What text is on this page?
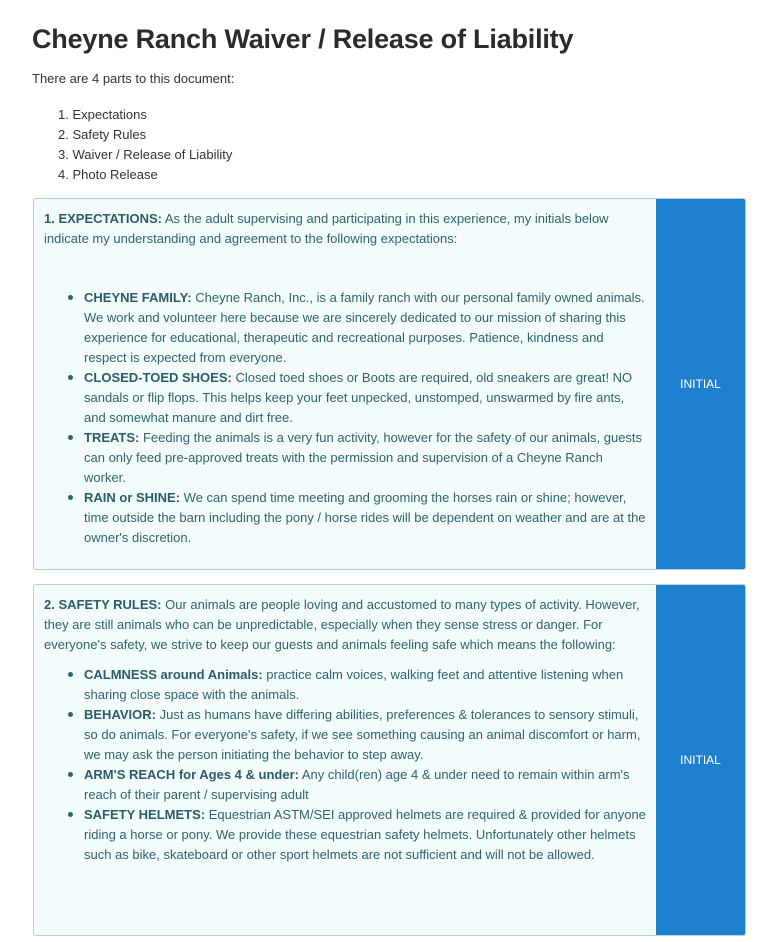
Cheyne Ranch Waiver / Release of Liability

There are 4 parts to this document:

1. Expectations
2. Safety Rules
3. Waiver / Release of Liability
4. Photo Release

1. EXPECTATIONS: As the adult supervising and participating in this experience, my initials below indicate my understanding and agreement to the following expectations:

CHEYNE FAMILY: Cheyne Ranch, Inc., is a family ranch with our personal family owned animals. We work and volunteer here because we are sincerely dedicated to our mission of sharing this experience for educational, therapeutic and recreational purposes. Patience, kindness and respect is expected from everyone.
CLOSED-TOED SHOES: Closed toed shoes or Boots are required, old sneakers are great! NO sandals or flip flops. This helps keep your feet unpecked, unstomped, unswarmed by fire ants, and somewhat manure and dirt free.
TREATS: Feeding the animals is a very fun activity, however for the safety of our animals, guests can only feed pre-approved treats with the permission and supervision of a Cheyne Ranch worker.
RAIN or SHINE: We can spend time meeting and grooming the horses rain or shine; however, time outside the barn including the pony / horse rides will be dependent on weather and are at the owner's discretion.
INITIAL

2. SAFETY RULES: Our animals are people loving and accustomed to many types of activity. However, they are still animals who can be unpredictable, especially when they sense stress or danger. For everyone's safety, we strive to keep our guests and animals feeling safe which means the following:

CALMNESS around Animals: practice calm voices, walking feet and attentive listening when sharing close space with the animals.
BEHAVIOR: Just as humans have differing abilities, preferences & tolerances to sensory stimuli, so do animals. For everyone's safety, if we see something causing an animal discomfort or harm, we may ask the person initiating the behavior to step away.
ARM'S REACH for Ages 4 & under: Any child(ren) age 4 & under need to remain within arm's reach of their parent / supervising adult
SAFETY HELMETS: Equestrian ASTM/SEI approved helmets are required & provided for anyone riding a horse or pony. We provide these equestrian safety helmets. Unfortunately other helmets such as bike, skateboard or other sport helmets are not sufficient and will not be allowed.
INITIAL
